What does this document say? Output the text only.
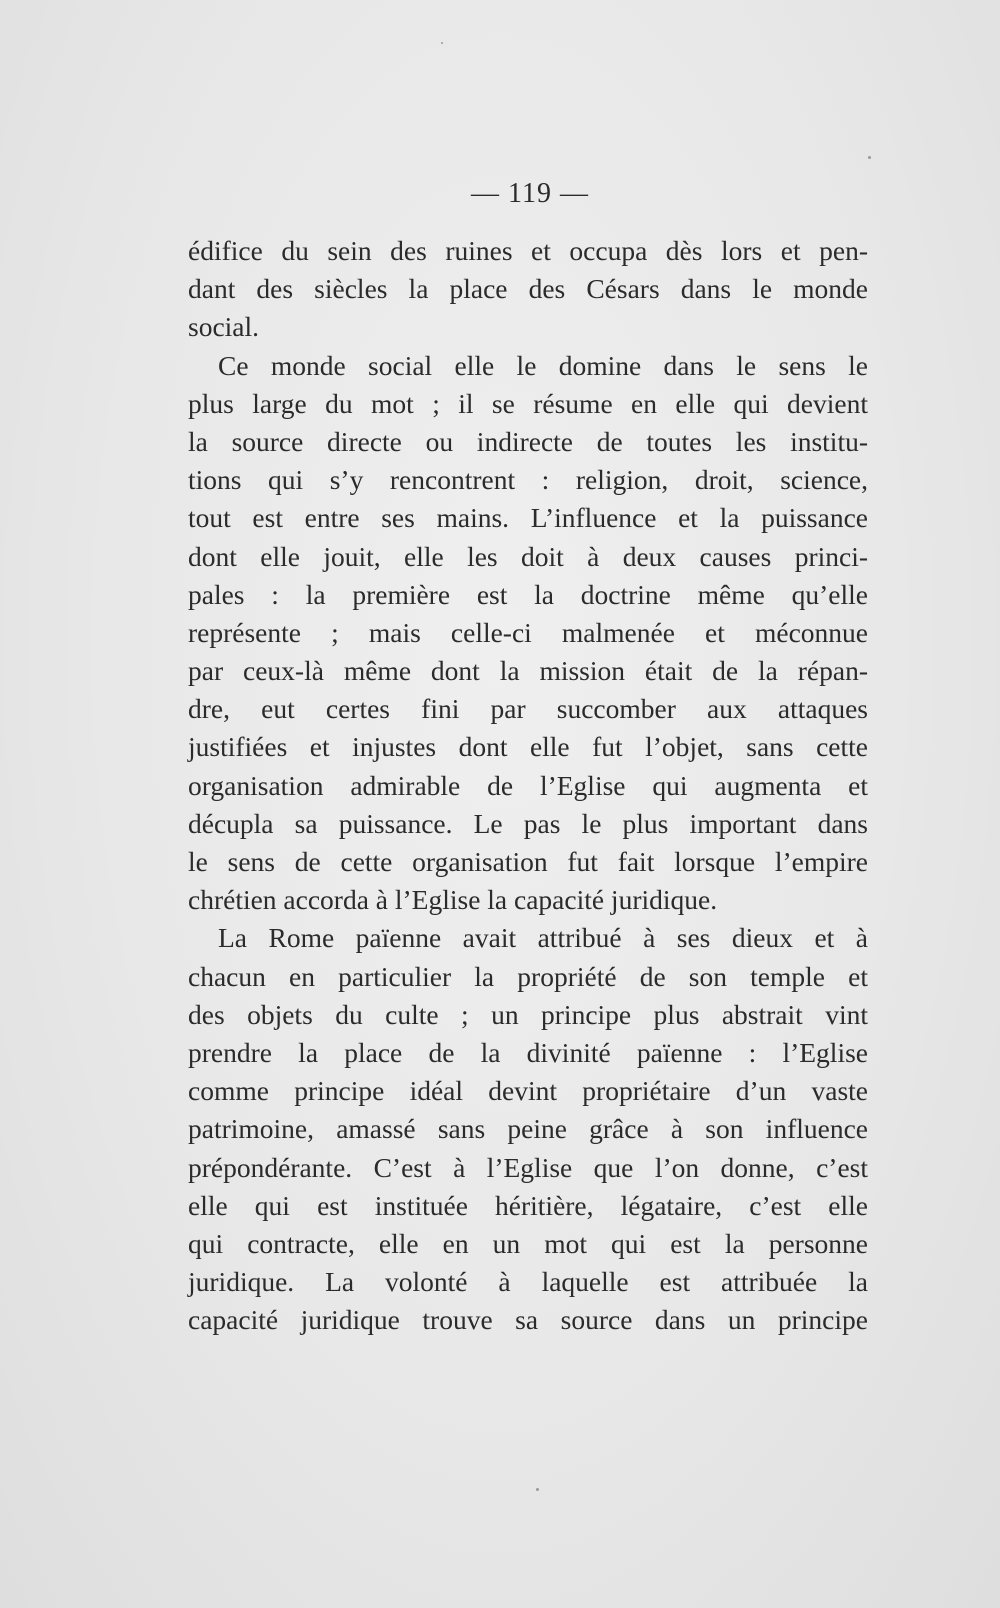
— 119 —
édifice du sein des ruines et occupa dès lors et pen-
dant des siècles la place des Césars dans le monde
social.
Ce monde social elle le domine dans le sens le
plus large du mot ; il se résume en elle qui devient
la source directe ou indirecte de toutes les institu-
tions qui s’y rencontrent : religion, droit, science,
tout est entre ses mains. L’influence et la puissance
dont elle jouit, elle les doit à deux causes princi-
pales : la première est la doctrine même qu’elle
représente ; mais celle-ci malmenée et méconnue
par ceux-là même dont la mission était de la répan-
dre, eut certes fini par succomber aux attaques
justifiées et injustes dont elle fut l’objet, sans cette
organisation admirable de l’Eglise qui augmenta et
décupla sa puissance. Le pas le plus important dans
le sens de cette organisation fut fait lorsque l’empire
chrétien accorda à l’Eglise la capacité juridique.
La Rome païenne avait attribué à ses dieux et à
chacun en particulier la propriété de son temple et
des objets du culte ; un principe plus abstrait vint
prendre la place de la divinité païenne : l’Eglise
comme principe idéal devint propriétaire d’un vaste
patrimoine, amassé sans peine grâce à son influence
prépondérante. C’est à l’Eglise que l’on donne, c’est
elle qui est instituée héritière, légataire, c’est elle
qui contracte, elle en un mot qui est la personne
juridique. La volonté à laquelle est attribuée la
capacité juridique trouve sa source dans un principe
